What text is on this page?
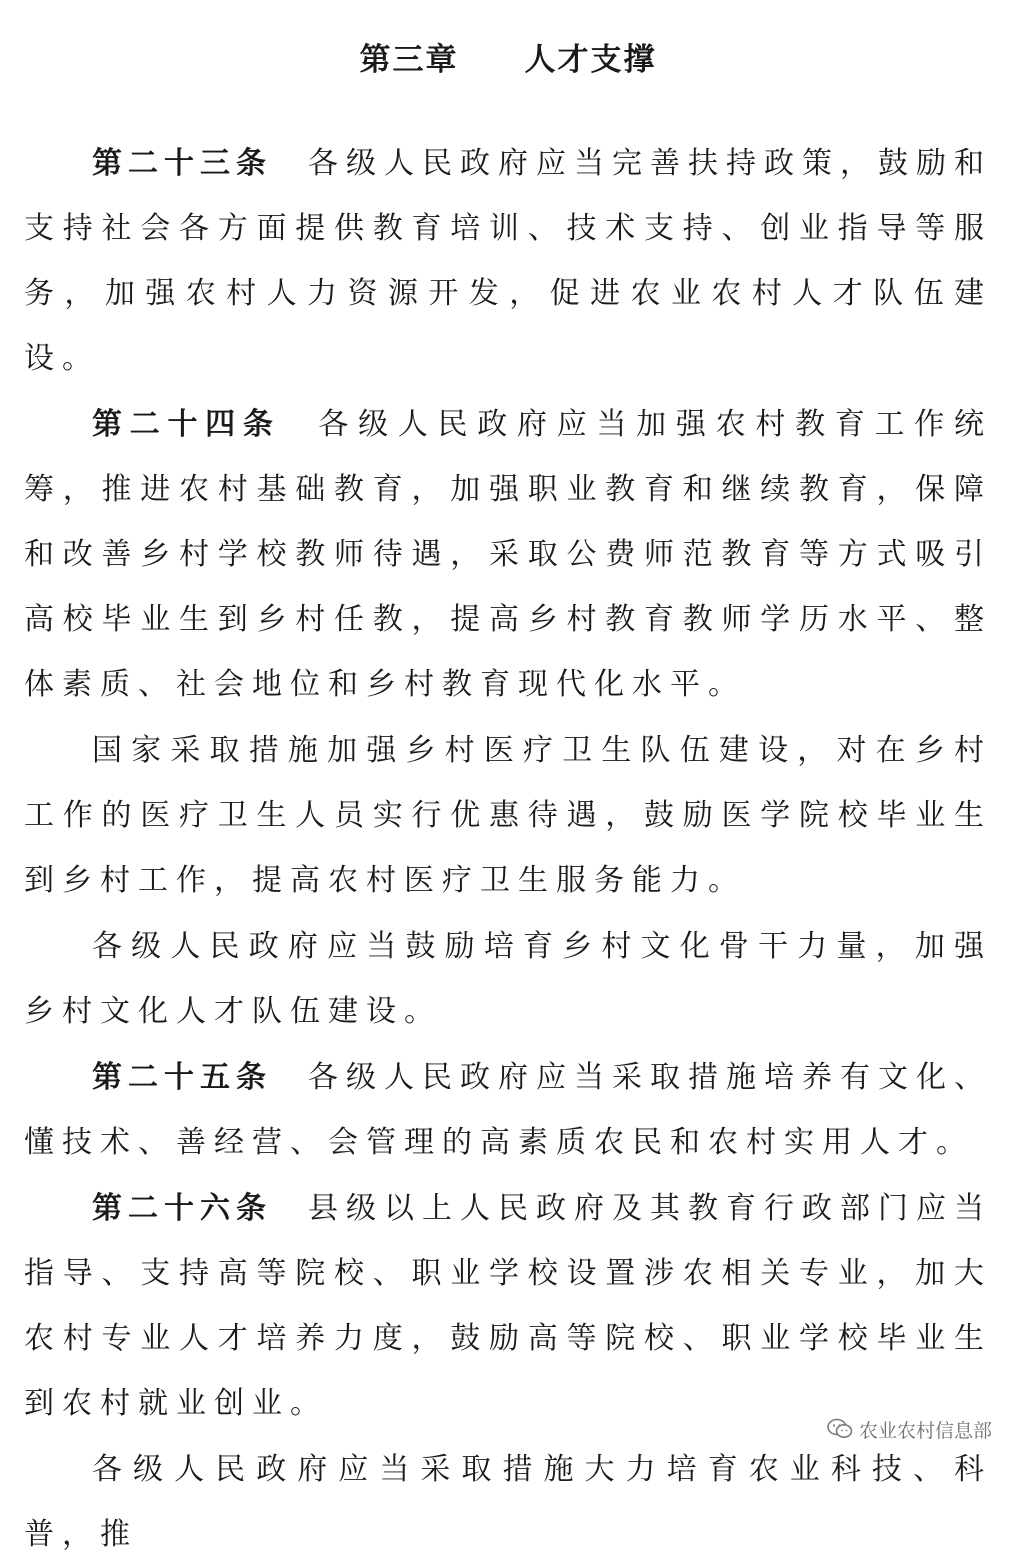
第三章　　人才支撑

第二十三条 各级人民政府应当完善扶持政策，鼓励和支持社会各方面提供教育培训、技术支持、创业指导等服务，加强农村人力资源开发，促进农业农村人才队伍建设。

第二十四条 各级人民政府应当加强农村教育工作统筹，推进农村基础教育，加强职业教育和继续教育，保障和改善乡村学校教师待遇，采取公费师范教育等方式吸引高校毕业生到乡村任教，提高乡村教育教师学历水平、整体素质、社会地位和乡村教育现代化水平。

国家采取措施加强乡村医疗卫生队伍建设，对在乡村工作的医疗卫生人员实行优惠待遇，鼓励医学院校毕业生到乡村工作，提高农村医疗卫生服务能力。

各级人民政府应当鼓励培育乡村文化骨干力量，加强乡村文化人才队伍建设。

第二十五条 各级人民政府应当采取措施培养有文化、懂技术、善经营、会管理的高素质农民和农村实用人才。

第二十六条 县级以上人民政府及其教育行政部门应当指导、支持高等院校、职业学校设置涉农相关专业，加大农村专业人才培养力度，鼓励高等院校、职业学校毕业生到农村就业创业。

各级人民政府应当采取措施大力培育农业科技、科普，推

农业农村信息部
